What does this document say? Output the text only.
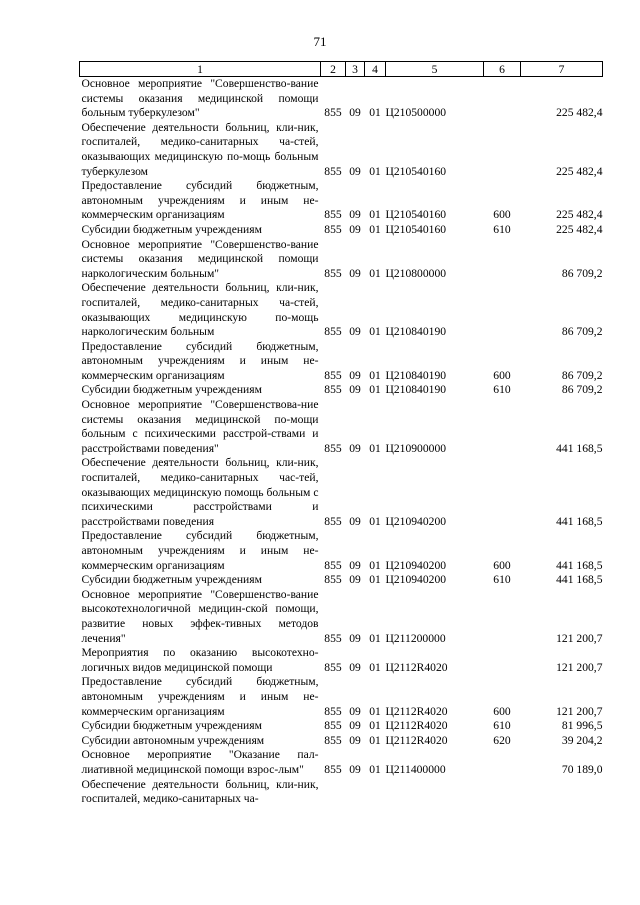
71
1	2	3	4	5	6	7
Основное мероприятие "Совершенство-вание системы оказания медицинской помощи больным туберкулезом"	855	09	01	Ц210500000		225 482,4
Обеспечение деятельности больниц, кли-ник, госпиталей, медико-санитарных ча-стей, оказывающих медицинскую по-мощь больным туберкулезом	855	09	01	Ц210540160		225 482,4
Предоставление субсидий бюджетным, автономным учреждениям и иным не-коммерческим организациям	855	09	01	Ц210540160	600	225 482,4
Субсидии бюджетным учреждениям	855	09	01	Ц210540160	610	225 482,4
Основное мероприятие "Совершенство-вание системы оказания медицинской помощи наркологическим больным"	855	09	01	Ц210800000		86 709,2
Обеспечение деятельности больниц, кли-ник, госпиталей, медико-санитарных ча-стей, оказывающих медицинскую по-мощь наркологическим больным	855	09	01	Ц210840190		86 709,2
Предоставление субсидий бюджетным, автономным учреждениям и иным не-коммерческим организациям	855	09	01	Ц210840190	600	86 709,2
Субсидии бюджетным учреждениям	855	09	01	Ц210840190	610	86 709,2
Основное мероприятие "Совершенствова-ние системы оказания медицинской по-мощи больным с психическими расстрой-ствами и расстройствами поведения"	855	09	01	Ц210900000		441 168,5
Обеспечение деятельности больниц, кли-ник, госпиталей, медико-санитарных час-тей, оказывающих медицинскую помощь больным с психическими расстройствами и расстройствами поведения	855	09	01	Ц210940200		441 168,5
Предоставление субсидий бюджетным, автономным учреждениям и иным не-коммерческим организациям	855	09	01	Ц210940200	600	441 168,5
Субсидии бюджетным учреждениям	855	09	01	Ц210940200	610	441 168,5
Основное мероприятие "Совершенство-вание высокотехнологичной медицин-ской помощи, развитие новых эффек-тивных методов лечения"	855	09	01	Ц211200000		121 200,7
Мероприятия по оказанию высокотехно-логичных видов медицинской помощи	855	09	01	Ц2112R4020		121 200,7
Предоставление субсидий бюджетным, автономным учреждениям и иным не-коммерческим организациям	855	09	01	Ц2112R4020	600	121 200,7
Субсидии бюджетным учреждениям	855	09	01	Ц2112R4020	610	81 996,5
Субсидии автономным учреждениям	855	09	01	Ц2112R4020	620	39 204,2
Основное мероприятие "Оказание пал-лиативной медицинской помощи взрос-лым"	855	09	01	Ц211400000		70 189,0
Обеспечение деятельности больниц, кли-ник, госпиталей, медико-санитарных ча-						
